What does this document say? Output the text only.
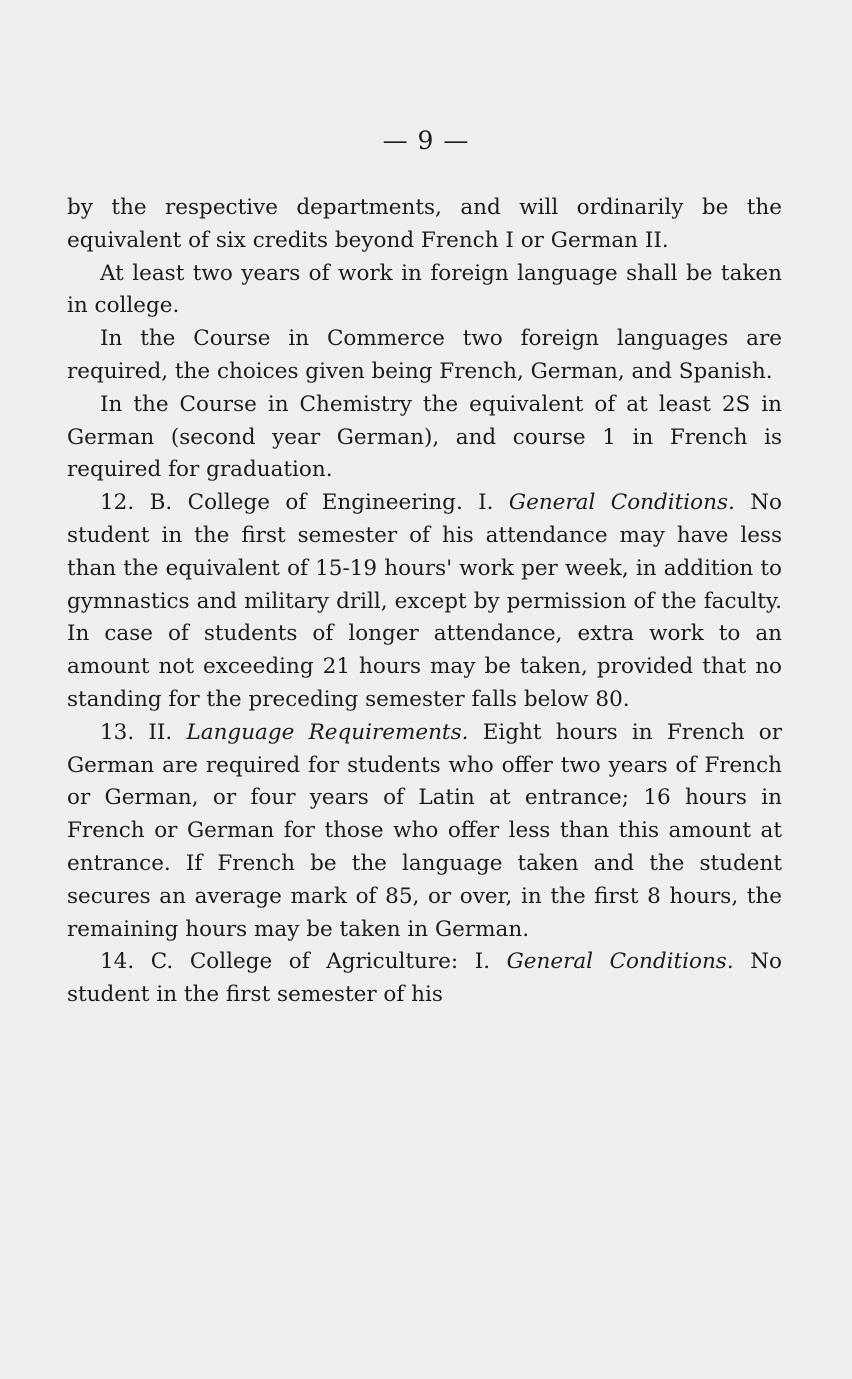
— 9 —

by the respective departments, and will ordinarily be the equivalent of six credits beyond French I or German II.

At least two years of work in foreign language shall be taken in college.

In the Course in Commerce two foreign languages are required, the choices given being French, German, and Spanish.

In the Course in Chemistry the equivalent of at least 2S in German (second year German), and course 1 in French is required for graduation.

12. B. College of Engineering. I. General Conditions. No student in the first semester of his attendance may have less than the equivalent of 15-19 hours' work per week, in addition to gymnastics and military drill, except by permission of the faculty. In case of students of longer attendance, extra work to an amount not exceeding 21 hours may be taken, provided that no standing for the preceding semester falls below 80.

13. II. Language Requirements. Eight hours in French or German are required for students who offer two years of French or German, or four years of Latin at entrance; 16 hours in French or German for those who offer less than this amount at entrance. If French be the language taken and the student secures an average mark of 85, or over, in the first 8 hours, the remaining hours may be taken in German.

14. C. College of Agriculture: I. General Conditions. No student in the first semester of his
